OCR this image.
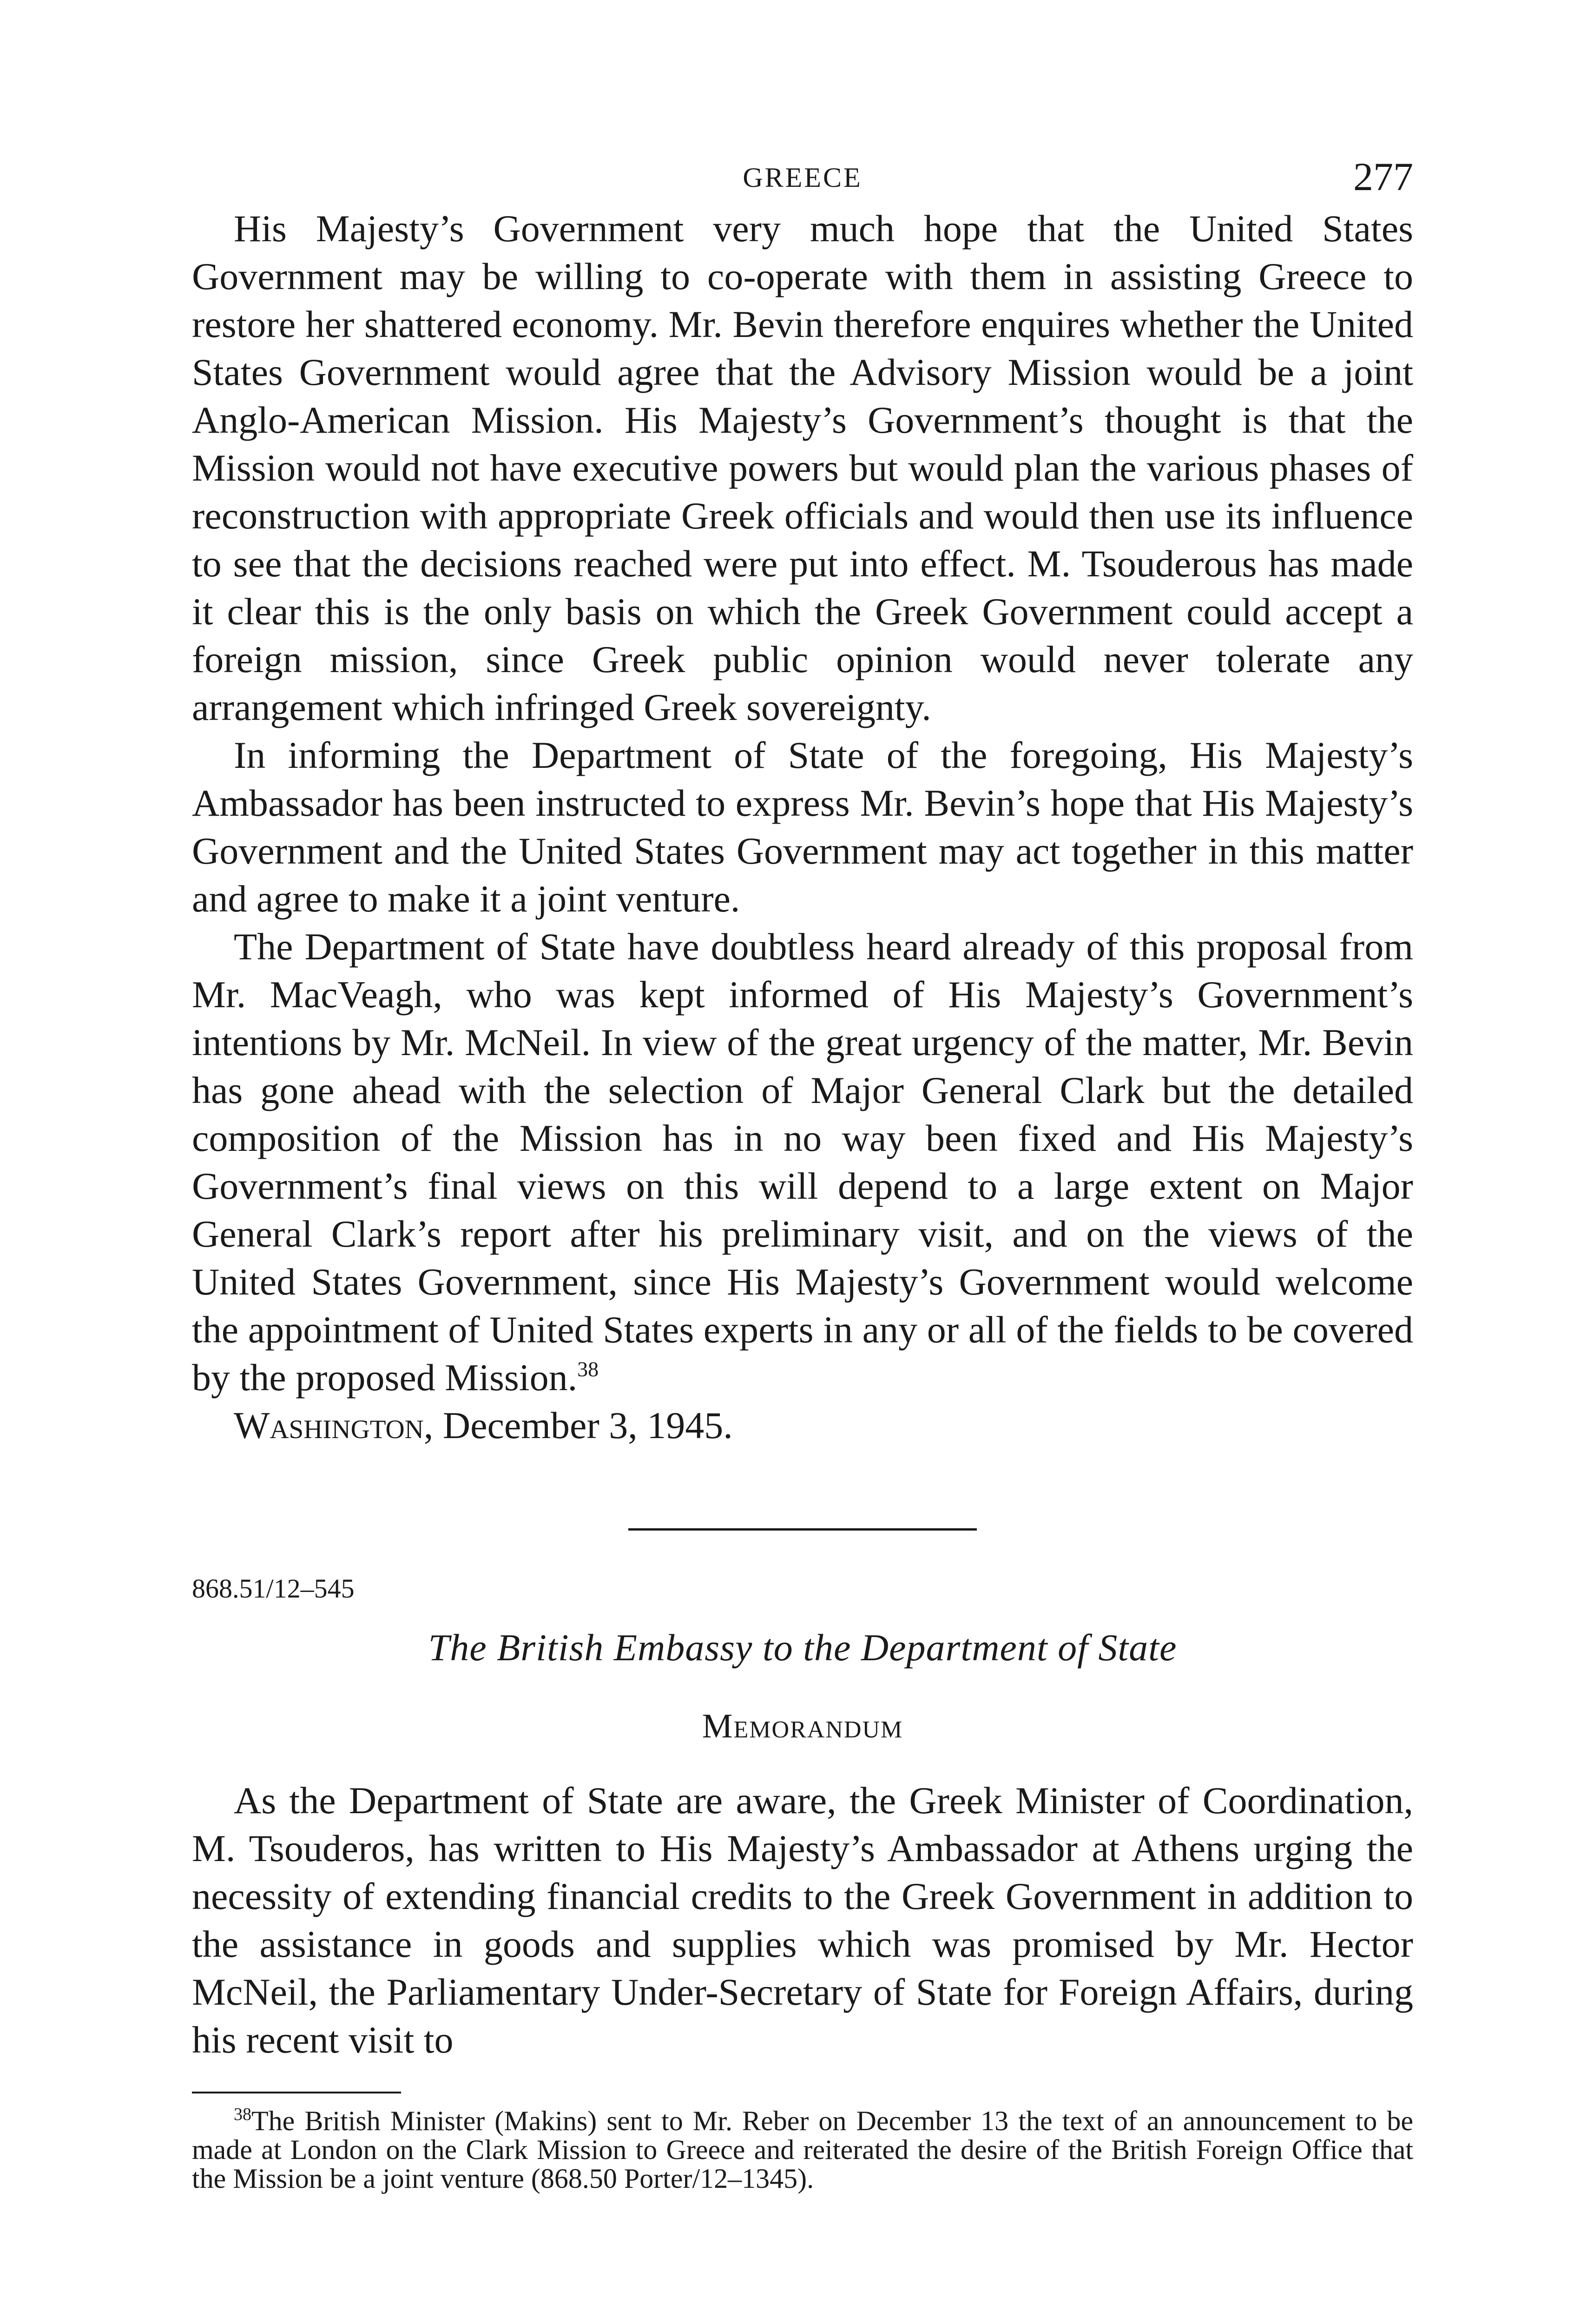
GREECE	277

His Majesty’s Government very much hope that the United States Government may be willing to co-operate with them in assisting Greece to restore her shattered economy. Mr. Bevin therefore enquires whether the United States Government would agree that the Advisory Mission would be a joint Anglo-American Mission. His Majesty’s Government’s thought is that the Mission would not have executive powers but would plan the various phases of reconstruction with appropriate Greek officials and would then use its influence to see that the decisions reached were put into effect. M. Tsouderous has made it clear this is the only basis on which the Greek Government could accept a foreign mission, since Greek public opinion would never tolerate any arrangement which infringed Greek sovereignty.

In informing the Department of State of the foregoing, His Majesty’s Ambassador has been instructed to express Mr. Bevin’s hope that His Majesty’s Government and the United States Government may act together in this matter and agree to make it a joint venture.

The Department of State have doubtless heard already of this proposal from Mr. MacVeagh, who was kept informed of His Majesty’s Government’s intentions by Mr. McNeil. In view of the great urgency of the matter, Mr. Bevin has gone ahead with the selection of Major General Clark but the detailed composition of the Mission has in no way been fixed and His Majesty’s Government’s final views on this will depend to a large extent on Major General Clark’s report after his preliminary visit, and on the views of the United States Government, since His Majesty’s Government would welcome the appointment of United States experts in any or all of the fields to be covered by the proposed Mission.$^{38}$

Washington, December 3, 1945.

868.51/12–545
The British Embassy to the Department of State
Memorandum

As the Department of State are aware, the Greek Minister of Coordination, M. Tsouderos, has written to His Majesty’s Ambassador at Athens urging the necessity of extending financial credits to the Greek Government in addition to the assistance in goods and supplies which was promised by Mr. Hector McNeil, the Parliamentary Under-Secretary of State for Foreign Affairs, during his recent visit to

$^{38}$The British Minister (Makins) sent to Mr. Reber on December 13 the text of an announcement to be made at London on the Clark Mission to Greece and reiterated the desire of the British Foreign Office that the Mission be a joint venture (868.50 Porter/12–1345).
